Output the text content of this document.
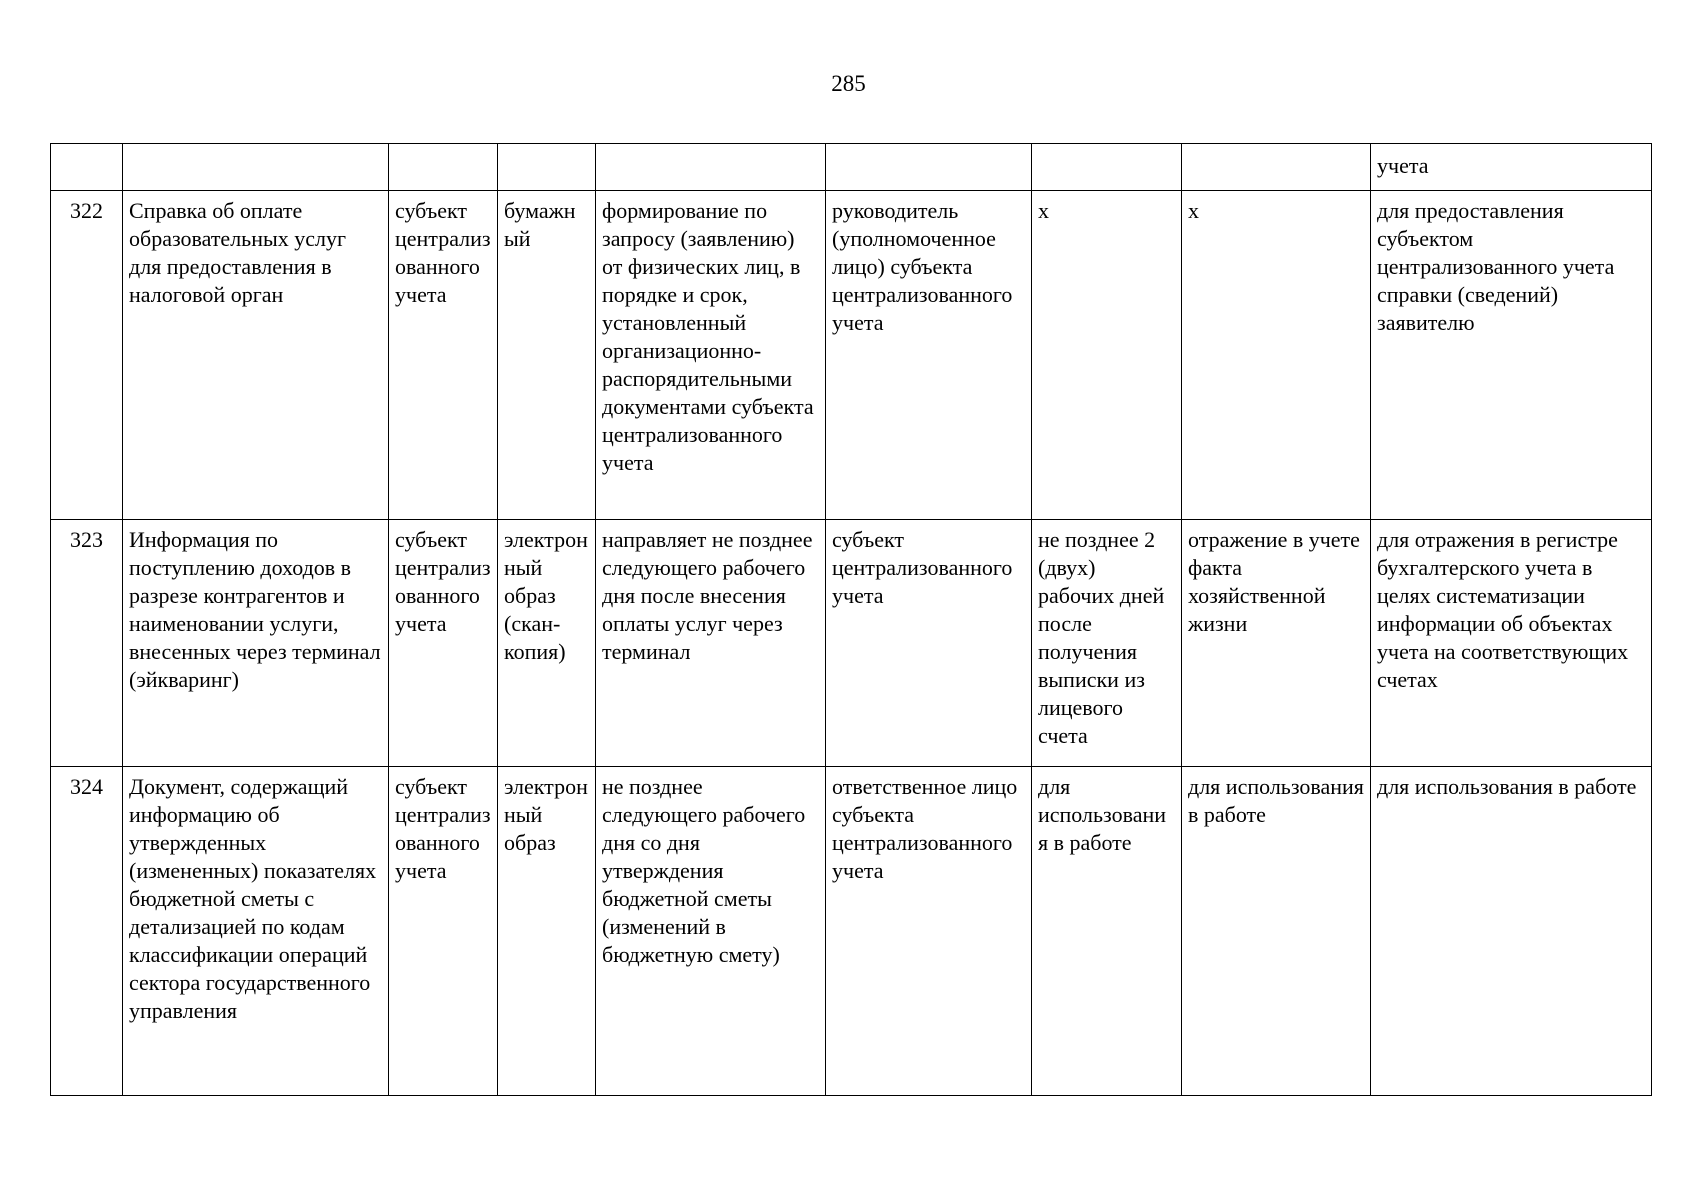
285
								учета
322	Справка об оплате образовательных услуг для предоставления в налоговой орган	субъект централизованного учета	бумажный	формирование по запросу (заявлению) от физических лиц, в порядке и срок, установленный организационно-распорядительными документами субъекта централизованного учета	руководитель (уполномоченное лицо) субъекта централизованного учета	х	х	для предоставления субъектом централизованного учета справки (сведений) заявителю
323	Информация по поступлению доходов в разрезе контрагентов и наименовании услуги, внесенных через терминал (эйкваринг)	субъект централизованного учета	электронный образ (скан-копия)	направляет не позднее следующего рабочего дня после внесения оплаты услуг через терминал	субъект централизованного учета	не позднее 2 (двух) рабочих дней после получения выписки из лицевого счета	отражение в учете факта хозяйственной жизни	для отражения в регистре бухгалтерского учета в целях систематизации информации об объектах учета на соответствующих счетах
324	Документ, содержащий информацию об утвержденных (измененных) показателях бюджетной сметы с детализацией по кодам классификации операций сектора государственного управления	субъект централизованного учета	электронный образ	не позднее следующего рабочего дня со дня утверждения бюджетной сметы (изменений в бюджетную смету)	ответственное лицо субъекта централизованного учета	для использования в работе	для использования в работе	для использования в работе
